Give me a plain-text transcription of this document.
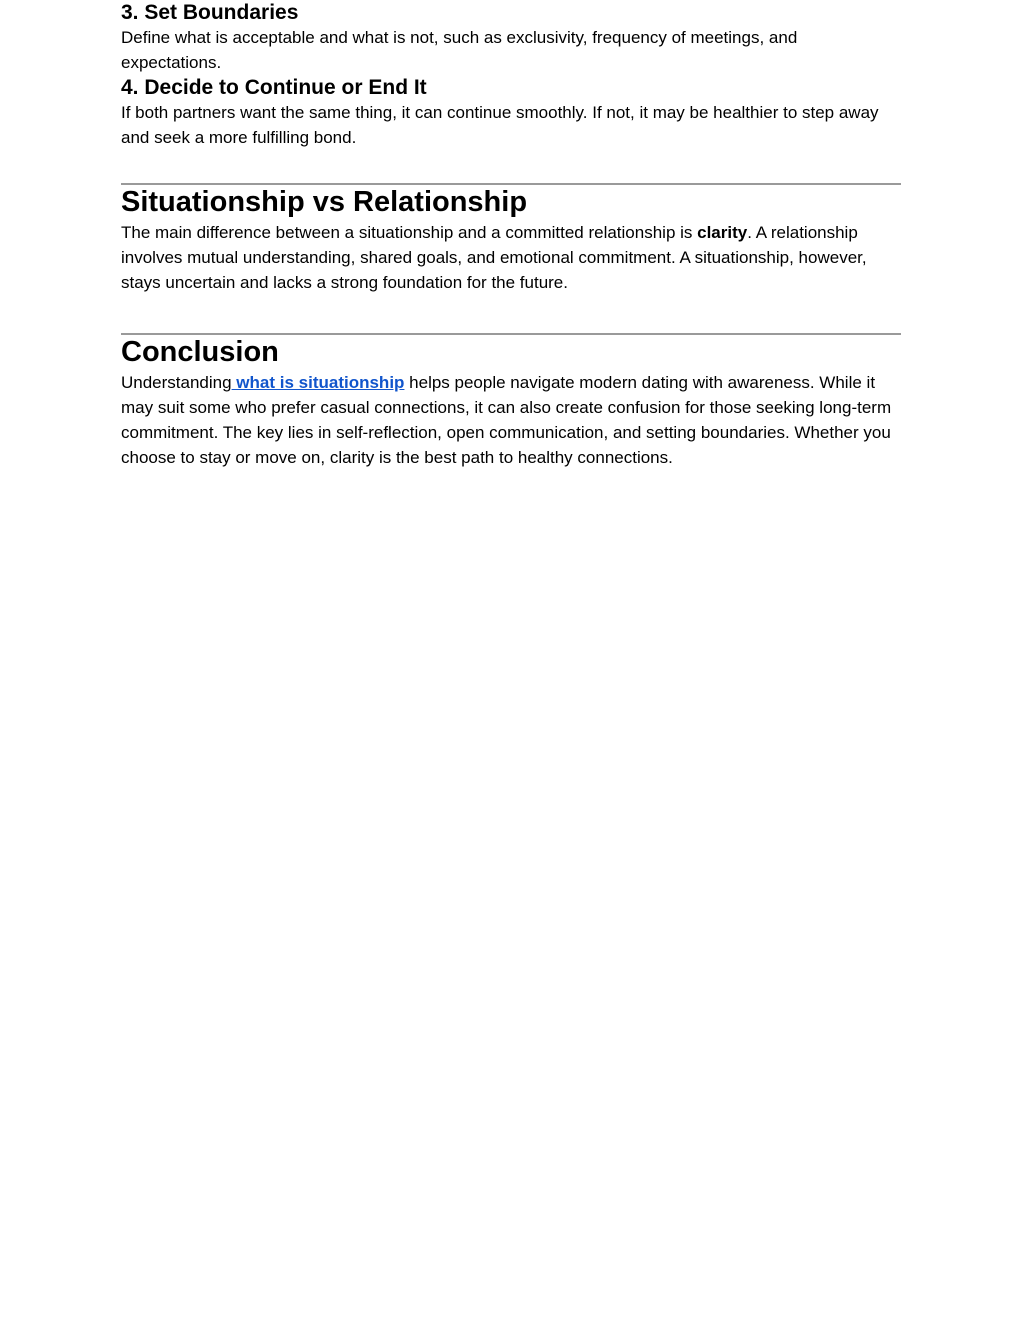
3. Set Boundaries

Define what is acceptable and what is not, such as exclusivity, frequency of meetings, and expectations.

4. Decide to Continue or End It

If both partners want the same thing, it can continue smoothly. If not, it may be healthier to step away and seek a more fulfilling bond.

Situationship vs Relationship

The main difference between a situationship and a committed relationship is clarity. A relationship involves mutual understanding, shared goals, and emotional commitment. A situationship, however, stays uncertain and lacks a strong foundation for the future.

Conclusion

Understanding what is situationship helps people navigate modern dating with awareness. While it may suit some who prefer casual connections, it can also create confusion for those seeking long-term commitment. The key lies in self-reflection, open communication, and setting boundaries. Whether you choose to stay or move on, clarity is the best path to healthy connections.
